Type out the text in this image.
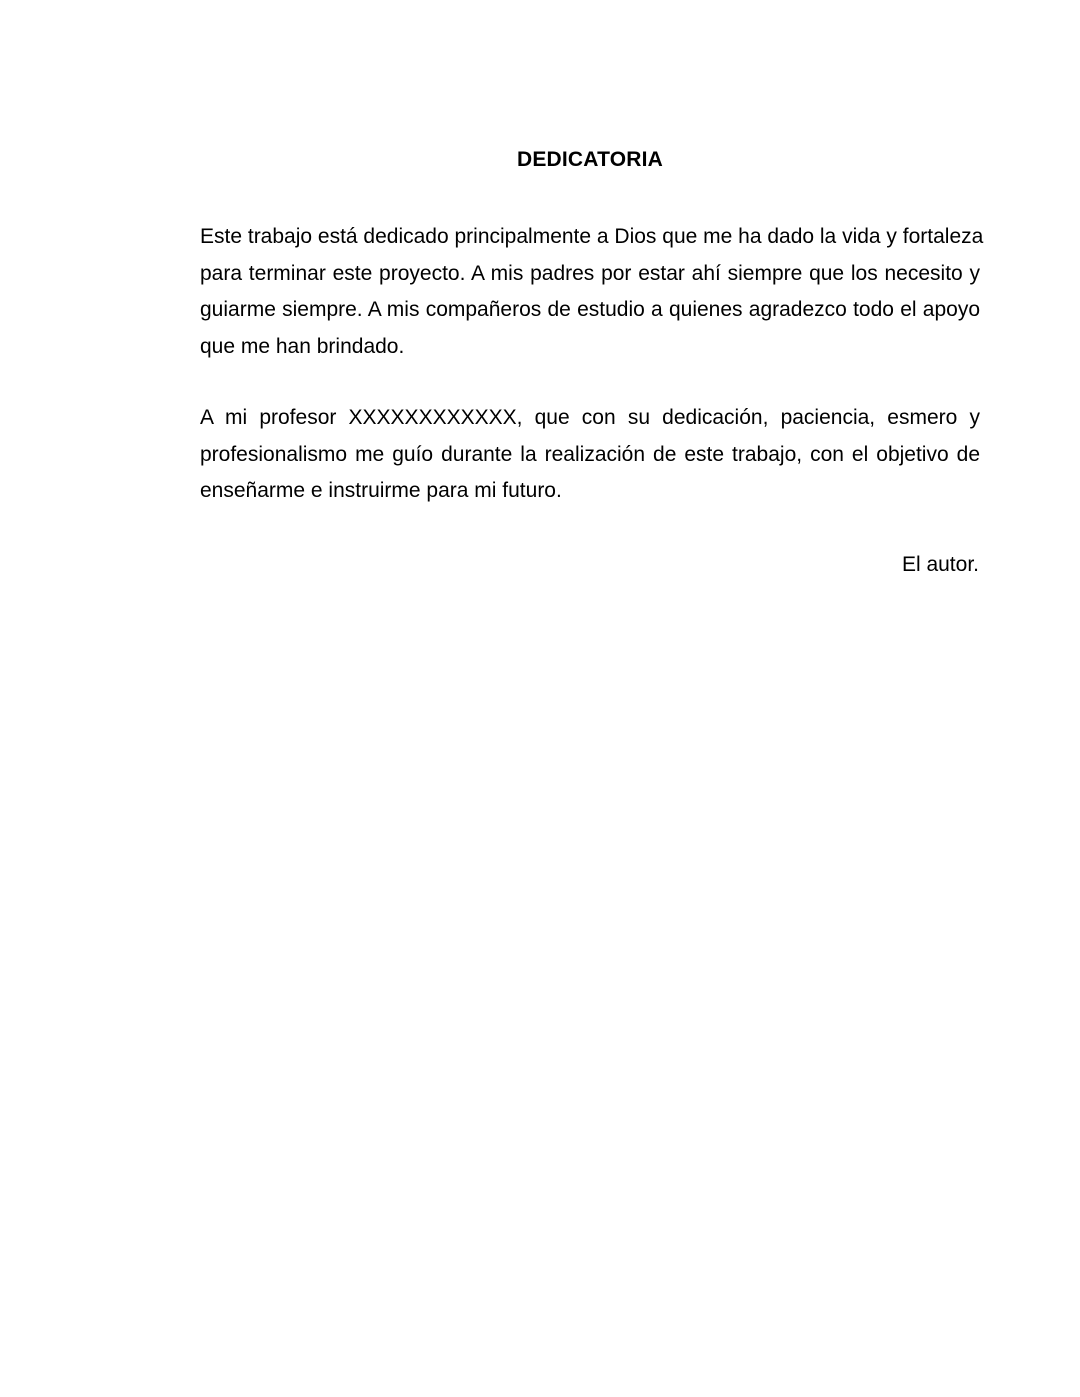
DEDICATORIA
Este trabajo está dedicado principalmente a Dios que me ha dado la vida y fortaleza
para terminar este proyecto. A mis padres por estar ahí siempre que los necesito y
guiarme siempre. A mis compañeros de estudio a quienes agradezco todo el apoyo
que me han brindado.
A mi profesor XXXXXXXXXXXX, que con su dedicación, paciencia, esmero y
profesionalismo me guío durante la realización de este trabajo, con el objetivo de
enseñarme e instruirme para mi futuro.
El autor.
